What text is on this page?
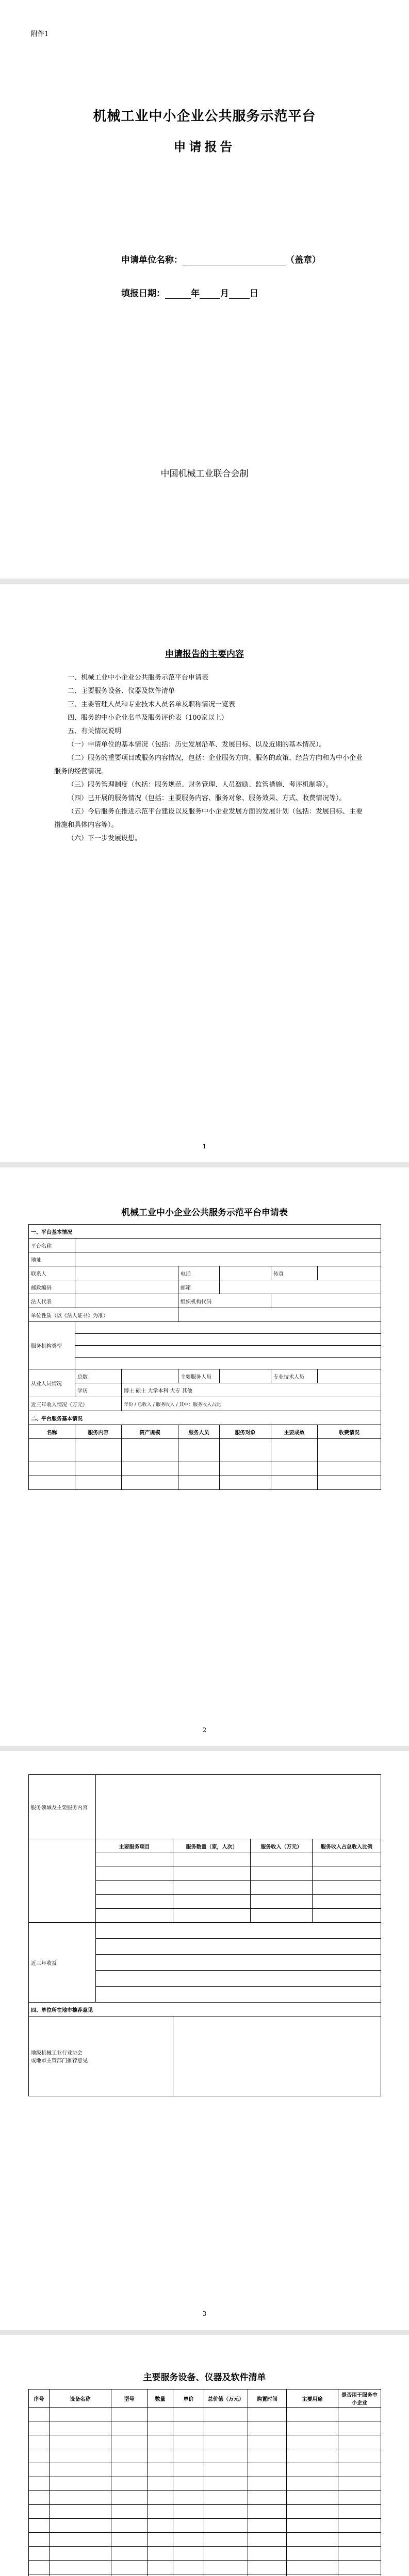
附件1
机械工业中小企业公共服务示范平台
申请报告
申请单位名称：	（盖章）
填报日期：	年 月 日
中国机械工业联合会制
申请报告的主要内容

一、机械工业中小企业公共服务示范平台申请表

二、主要服务设备、仪器及软件清单

三、主要管理人员和专业技术人员名单及职称情况一览表

四、服务的中小企业名单及服务评价表（100家以上）

五、有关情况说明

（一）申请单位的基本情况（包括：历史发展沿革、发展目标、以及近期的基本情况）。

（二）服务的重要项目或服务内容情况，包括：企业服务方向、服务的政策、经营方向和为中小企业服务的经营情况。

（三）服务管理制度（包括：服务规范、财务管理、人员激励、监管措施、考评机制等）。

（四）已开展的服务情况（包括：主要服务内容、服务对象、服务效果、方式、收费情况等）。

（五）今后服务在推进示范平台建设以及服务中小企业发展方面的发展计划（包括：发展目标、主要措施和具体内容等）。

（六）下一步发展设想。

1
机械工业中小企业公共服务示范平台申请表
一、平台基本情况						
平台名称						
地址						
联系人			电话		传真	
邮政编码			邮箱			
法人代表			组织机构代码			
单位性质（以《法人证书》为准）						
服务机构类型						

从业人员情况	总数		主要服务人员		专业技术人员	
	学历	博士 硕士 大学本科 大专 其他				
近三年收入情况（万元）		年份 / 总收入 / 服务收入 / 其中：服务收入占比				
二、平台服务基本情况						
名称	服务内容	资产规模	服务人员	服务对象	主要成效	收费情况

2
服务领域及主要服务内容				
	主要服务项目	服务数量（家，人次）	服务收入（万元）	服务收入占总收入比例

近三年收益				

四、单位所在地市推荐意见				
地级机械工业行业协会
或地市主管部门推荐意见				
3
主要服务设备、仪器及软件清单
序号	设备名称	型号	数量	单价	总价值（万元）	购置时间	主要用途	是否用于服务中小企业
